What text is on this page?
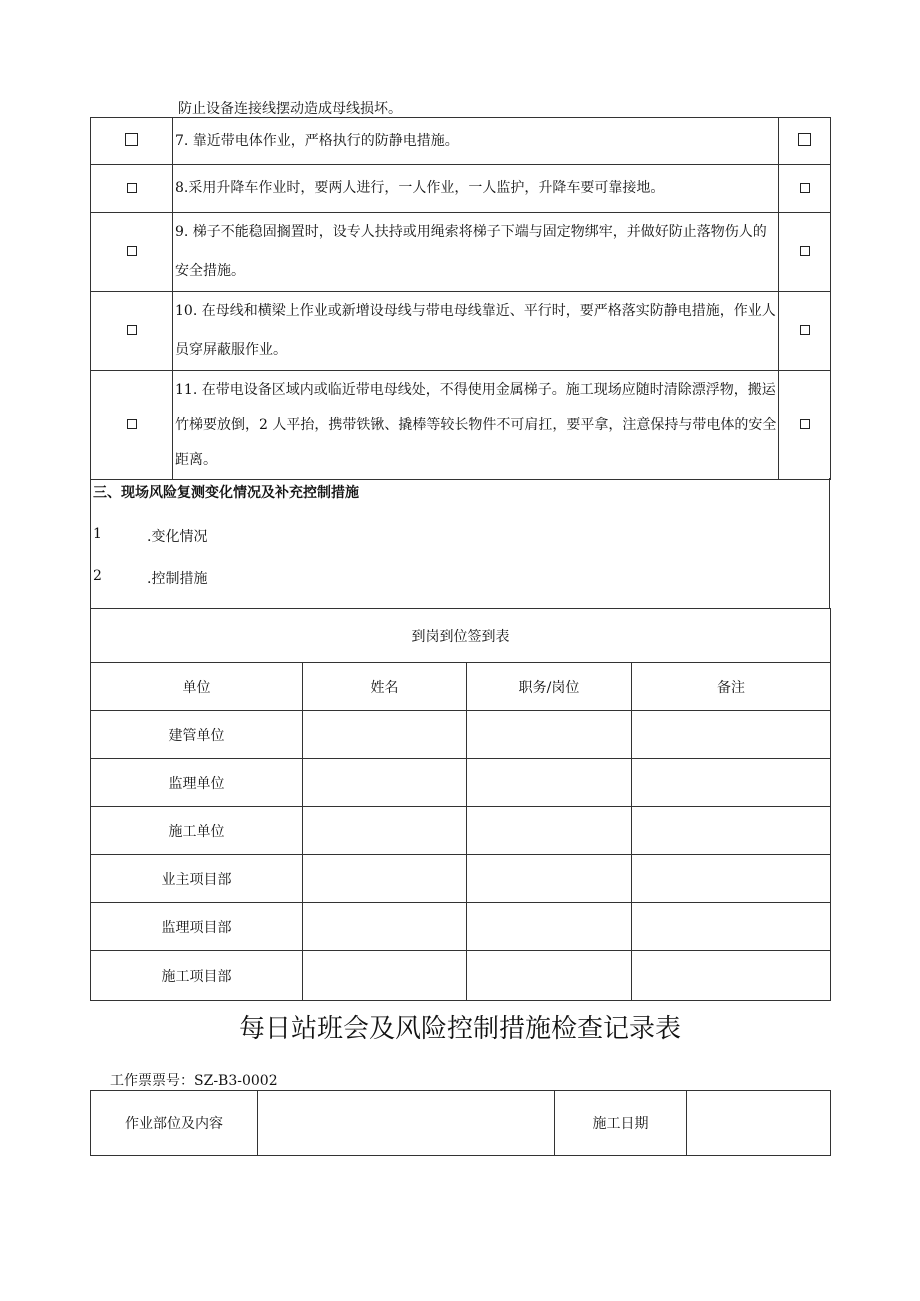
防止设备连接线摆动造成母线损坏。
	7. 靠近带电体作业，严格执行的防静电措施。	
	8.采用升降车作业时，要两人进行，一人作业，一人监护，升降车要可靠接地。	
	9. 梯子不能稳固搁置时，设专人扶持或用绳索将梯子下端与固定物绑牢，并做好防止落物伤人的安全措施。	
	10. 在母线和横梁上作业或新增设母线与带电母线靠近、平行时，要严格落实防静电措施，作业人员穿屏蔽服作业。	
	11. 在带电设备区域内或临近带电母线处，不得使用金属梯子。施工现场应随时清除漂浮物，搬运竹梯要放倒，2 人平抬，携带铁锹、撬棒等较长物件不可肩扛，要平拿，注意保持与带电体的安全距离。	
三、现场风险复测变化情况及补充控制措施
1	.变化情况
2	.控制措施
到岗到位签到表			
单位	姓名	职务/岗位	备注
建管单位			
监理单位			
施工单位			
业主项目部			
监理项目部			
施工项目部			
每日站班会及风险控制措施检查记录表
工作票票号：SZ-B3-0002
作业部位及内容		施工日期	
